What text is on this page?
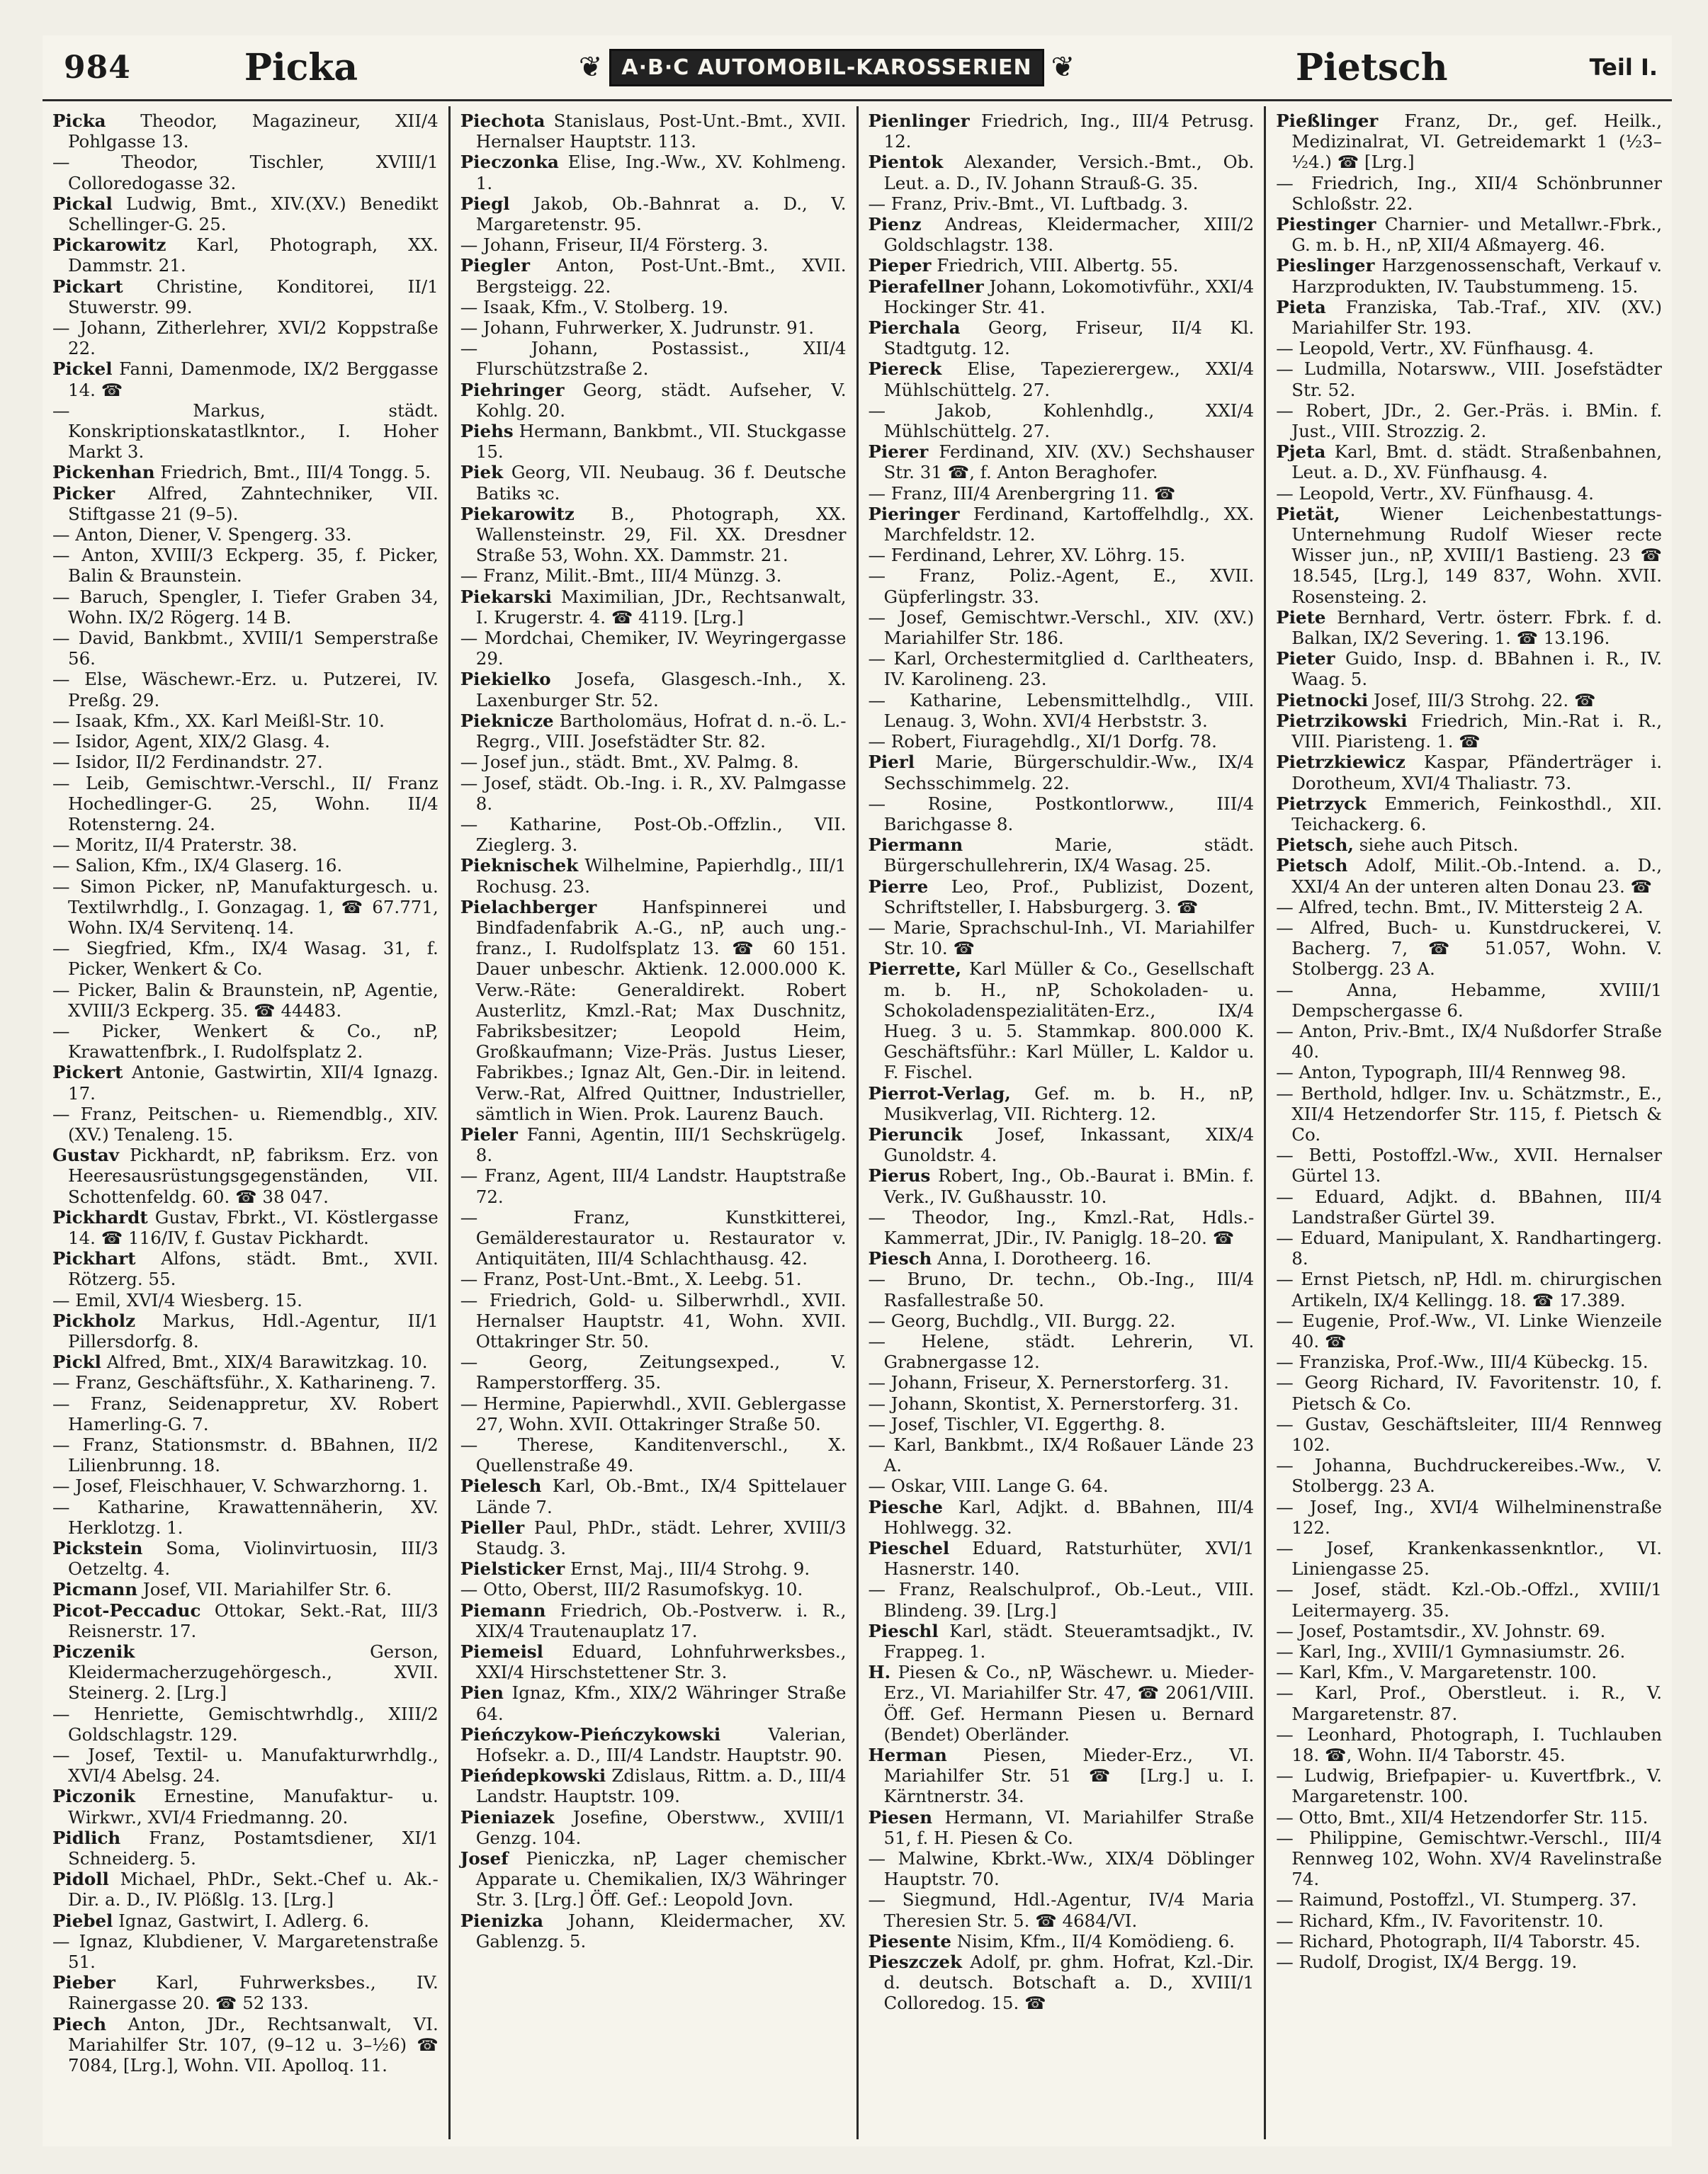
984	Picka	❦ A·B·C AUTOMOBIL-KAROSSERIEN ❦	Pietsch	Teil I.

Picka Theodor, Magazineur, XII/4 Pohlgasse 13.

— Theodor, Tischler, XVIII/1 Colloredogasse 32.

Pickal Ludwig, Bmt., XIV.(XV.) Benedikt Schellinger-G. 25.

Pickarowitz Karl, Photograph, XX. Dammstr. 21.

Pickart Christine, Konditorei, II/1 Stuwerstr. 99.

— Johann, Zitherlehrer, XVI/2 Koppstraße 22.

Pickel Fanni, Damenmode, IX/2 Berggasse 14. ☎

— Markus, städt. Konskriptionskatastlkntor., I. Hoher Markt 3.

Pickenhan Friedrich, Bmt., III/4 Tongg. 5.

Picker Alfred, Zahntechniker, VII. Stiftgasse 21 (9–5).

— Anton, Diener, V. Spengerg. 33.

— Anton, XVIII/3 Eckperg. 35, f. Picker, Balin & Braunstein.

— Baruch, Spengler, I. Tiefer Graben 34, Wohn. IX/2 Rögerg. 14 B.

— David, Bankbmt., XVIII/1 Semperstraße 56.

— Else, Wäschewr.-Erz. u. Putzerei, IV. Preßg. 29.

— Isaak, Kfm., XX. Karl Meißl-Str. 10.

— Isidor, Agent, XIX/2 Glasg. 4.

— Isidor, II/2 Ferdinandstr. 27.

— Leib, Gemischtwr.-Verschl., II/ Franz Hochedlinger-G. 25, Wohn. II/4 Rotensterng. 24.

— Moritz, II/4 Praterstr. 38.

— Salion, Kfm., IX/4 Glaserg. 16.

— Simon Picker, nP, Manufakturgesch. u. Textilwrhdlg., I. Gonzagag. 1, ☎ 67.771, Wohn. IX/4 Servitenq. 14.

— Siegfried, Kfm., IX/4 Wasag. 31, f. Picker, Wenkert & Co.

— Picker, Balin & Braunstein, nP, Agentie, XVIII/3 Eckperg. 35. ☎ 44483.

— Picker, Wenkert & Co., nP, Krawattenfbrk., I. Rudolfsplatz 2.

Pickert Antonie, Gastwirtin, XII/4 Ignazg. 17.

— Franz, Peitschen- u. Riemendblg., XIV. (XV.) Tenaleng. 15.

Gustav Pickhardt, nP, fabriksm. Erz. von Heeresausrüstungsgegenständen, VII. Schottenfeldg. 60. ☎ 38 047.

Pickhardt Gustav, Fbrkt., VI. Köstlergasse 14. ☎ 116/IV, f. Gustav Pickhardt.

Pickhart Alfons, städt. Bmt., XVII. Rötzerg. 55.

— Emil, XVI/4 Wiesberg. 15.

Pickholz Markus, Hdl.-Agentur, II/1 Pillersdorfg. 8.

Pickl Alfred, Bmt., XIX/4 Barawitzkag. 10.

— Franz, Geschäftsführ., X. Katharineng. 7.

— Franz, Seidenappretur, XV. Robert Hamerling-G. 7.

— Franz, Stationsmstr. d. BBahnen, II/2 Lilienbrunng. 18.

— Josef, Fleischhauer, V. Schwarzhorng. 1.

— Katharine, Krawattennäherin, XV. Herklotzg. 1.

Pickstein Soma, Violinvirtuosin, III/3 Oetzeltg. 4.

Picmann Josef, VII. Mariahilfer Str. 6.

Picot-Peccaduc Ottokar, Sekt.-Rat, III/3 Reisnerstr. 17.

Piczenik Gerson, Kleidermacherzugehörgesch., XVII. Steinerg. 2. [Lrg.]

— Henriette, Gemischtwrhdlg., XIII/2 Goldschlagstr. 129.

— Josef, Textil- u. Manufakturwrhdlg., XVI/4 Abelsg. 24.

Piczonik Ernestine, Manufaktur- u. Wirkwr., XVI/4 Friedmanng. 20.

Pidlich Franz, Postamtsdiener, XI/1 Schneiderg. 5.

Pidoll Michael, PhDr., Sekt.-Chef u. Ak.-Dir. a. D., IV. Plößlg. 13. [Lrg.]

Piebel Ignaz, Gastwirt, I. Adlerg. 6.

— Ignaz, Klubdiener, V. Margaretenstraße 51.

Pieber Karl, Fuhrwerksbes., IV. Rainergasse 20. ☎ 52 133.

Piech Anton, JDr., Rechtsanwalt, VI. Mariahilfer Str. 107, (9–12 u. 3–½6) ☎ 7084, [Lrg.], Wohn. VII. Apolloq. 11.

Piechota Stanislaus, Post-Unt.-Bmt., XVII. Hernalser Hauptstr. 113.

Pieczonka Elise, Ing.-Ww., XV. Kohlmeng. 1.

Piegl Jakob, Ob.-Bahnrat a. D., V. Margaretenstr. 95.

— Johann, Friseur, II/4 Försterg. 3.

Piegler Anton, Post-Unt.-Bmt., XVII. Bergsteigg. 22.

— Isaak, Kfm., V. Stolberg. 19.

— Johann, Fuhrwerker, X. Judrunstr. 91.

— Johann, Postassist., XII/4 Flurschützstraße 2.

Piehringer Georg, städt. Aufseher, V. Kohlg. 20.

Piehs Hermann, Bankbmt., VII. Stuckgasse 15.

Piek Georg, VII. Neubaug. 36 f. Deutsche Batiks ꝛc.

Piekarowitz B., Photograph, XX. Wallensteinstr. 29, Fil. XX. Dresdner Straße 53, Wohn. XX. Dammstr. 21.

— Franz, Milit.-Bmt., III/4 Münzg. 3.

Piekarski Maximilian, JDr., Rechtsanwalt, I. Krugerstr. 4. ☎ 4119. [Lrg.]

— Mordchai, Chemiker, IV. Weyringergasse 29.

Piekielko Josefa, Glasgesch.-Inh., X. Laxenburger Str. 52.

Pieknicze Bartholomäus, Hofrat d. n.-ö. L.-Regrg., VIII. Josefstädter Str. 82.

— Josef jun., städt. Bmt., XV. Palmg. 8.

— Josef, städt. Ob.-Ing. i. R., XV. Palmgasse 8.

— Katharine, Post-Ob.-Offzlin., VII. Zieglerg. 3.

Pieknischek Wilhelmine, Papierhdlg., III/1 Rochusg. 23.

Pielachberger Hanfspinnerei und Bindfadenfabrik A.-G., nP, auch ung.-franz., I. Rudolfsplatz 13. ☎ 60 151. Dauer unbeschr. Aktienk. 12.000.000 K. Verw.-Räte: Generaldirekt. Robert Austerlitz, Kmzl.-Rat; Max Duschnitz, Fabriksbesitzer; Leopold Heim, Großkaufmann; Vize-Präs. Justus Lieser, Fabrikbes.; Ignaz Alt, Gen.-Dir. in leitend. Verw.-Rat, Alfred Quittner, Industrieller, sämtlich in Wien. Prok. Laurenz Bauch.

Pieler Fanni, Agentin, III/1 Sechskrügelg. 8.

— Franz, Agent, III/4 Landstr. Hauptstraße 72.

— Franz, Kunstkitterei, Gemälderestaurator u. Restaurator v. Antiquitäten, III/4 Schlachthausg. 42.

— Franz, Post-Unt.-Bmt., X. Leebg. 51.

— Friedrich, Gold- u. Silberwrhdl., XVII. Hernalser Hauptstr. 41, Wohn. XVII. Ottakringer Str. 50.

— Georg, Zeitungsexped., V. Ramperstorfferg. 35.

— Hermine, Papierwhdl., XVII. Geblergasse 27, Wohn. XVII. Ottakringer Straße 50.

— Therese, Kanditenverschl., X. Quellenstraße 49.

Pielesch Karl, Ob.-Bmt., IX/4 Spittelauer Lände 7.

Pieller Paul, PhDr., städt. Lehrer, XVIII/3 Staudg. 3.

Pielsticker Ernst, Maj., III/4 Strohg. 9.

— Otto, Oberst, III/2 Rasumofskyg. 10.

Piemann Friedrich, Ob.-Postverw. i. R., XIX/4 Trautenauplatz 17.

Piemeisl Eduard, Lohnfuhrwerksbes., XXI/4 Hirschstettener Str. 3.

Pien Ignaz, Kfm., XIX/2 Währinger Straße 64.

Pieńczykow-Pieńczykowski Valerian, Hofsekr. a. D., III/4 Landstr. Hauptstr. 90.

Pieńdepkowski Zdislaus, Rittm. a. D., III/4 Landstr. Hauptstr. 109.

Pieniazek Josefine, Oberstww., XVIII/1 Genzg. 104.

Josef Pieniczka, nP, Lager chemischer Apparate u. Chemikalien, IX/3 Währinger Str. 3. [Lrg.] Öff. Gef.: Leopold Jovn.

Pienizka Johann, Kleidermacher, XV. Gablenzg. 5.

Pienlinger Friedrich, Ing., III/4 Petrusg. 12.

Pientok Alexander, Versich.-Bmt., Ob. Leut. a. D., IV. Johann Strauß-G. 35.

— Franz, Priv.-Bmt., VI. Luftbadg. 3.

Pienz Andreas, Kleidermacher, XIII/2 Goldschlagstr. 138.

Pieper Friedrich, VIII. Albertg. 55.

Pierafellner Johann, Lokomotivführ., XXI/4 Hockinger Str. 41.

Pierchala Georg, Friseur, II/4 Kl. Stadtgutg. 12.

Piereck Elise, Tapezierergew., XXI/4 Mühlschüttelg. 27.

— Jakob, Kohlenhdlg., XXI/4 Mühlschüttelg. 27.

Pierer Ferdinand, XIV. (XV.) Sechshauser Str. 31 ☎, f. Anton Beraghofer.

— Franz, III/4 Arenbergring 11. ☎

Pieringer Ferdinand, Kartoffelhdlg., XX. Marchfeldstr. 12.

— Ferdinand, Lehrer, XV. Löhrg. 15.

— Franz, Poliz.-Agent, E., XVII. Güpferlingstr. 33.

— Josef, Gemischtwr.-Verschl., XIV. (XV.) Mariahilfer Str. 186.

— Karl, Orchestermitglied d. Carltheaters, IV. Karolineng. 23.

— Katharine, Lebensmittelhdlg., VIII. Lenaug. 3, Wohn. XVI/4 Herbststr. 3.

— Robert, Fiuragehdlg., XI/1 Dorfg. 78.

Pierl Marie, Bürgerschuldir.-Ww., IX/4 Sechsschimmelg. 22.

— Rosine, Postkontlorww., III/4 Barichgasse 8.

Piermann Marie, städt. Bürgerschullehrerin, IX/4 Wasag. 25.

Pierre Leo, Prof., Publizist, Dozent, Schriftsteller, I. Habsburgerg. 3. ☎

— Marie, Sprachschul-Inh., VI. Mariahilfer Str. 10. ☎

Pierrette, Karl Müller & Co., Gesellschaft m. b. H., nP, Schokoladen- u. Schokoladenspezialitäten-Erz., IX/4 Hueg. 3 u. 5. Stammkap. 800.000 K. Geschäftsführ.: Karl Müller, L. Kaldor u. F. Fischel.

Pierrot-Verlag, Gef. m. b. H., nP, Musikverlag, VII. Richterg. 12.

Pieruncik Josef, Inkassant, XIX/4 Gunoldstr. 4.

Pierus Robert, Ing., Ob.-Baurat i. BMin. f. Verk., IV. Gußhausstr. 10.

— Theodor, Ing., Kmzl.-Rat, Hdls.-Kammerrat, JDir., IV. Paniglg. 18–20. ☎

Piesch Anna, I. Dorotheerg. 16.

— Bruno, Dr. techn., Ob.-Ing., III/4 Rasfallestraße 50.

— Georg, Buchdlg., VII. Burgg. 22.

— Helene, städt. Lehrerin, VI. Grabnergasse 12.

— Johann, Friseur, X. Pernerstorferg. 31.

— Johann, Skontist, X. Pernerstorferg. 31.

— Josef, Tischler, VI. Eggerthg. 8.

— Karl, Bankbmt., IX/4 Roßauer Lände 23 A.

— Oskar, VIII. Lange G. 64.

Piesche Karl, Adjkt. d. BBahnen, III/4 Hohlwegg. 32.

Pieschel Eduard, Ratsturhüter, XVI/1 Hasnerstr. 140.

— Franz, Realschulprof., Ob.-Leut., VIII. Blindeng. 39. [Lrg.]

Pieschl Karl, städt. Steueramtsadjkt., IV. Frappeg. 1.

H. Piesen & Co., nP, Wäschewr. u. Mieder-Erz., VI. Mariahilfer Str. 47, ☎ 2061/VIII. Öff. Gef. Hermann Piesen u. Bernard (Bendet) Oberländer.

Herman Piesen, Mieder-Erz., VI. Mariahilfer Str. 51 ☎ [Lrg.] u. I. Kärntnerstr. 34.

Piesen Hermann, VI. Mariahilfer Straße 51, f. H. Piesen & Co.

— Malwine, Kbrkt.-Ww., XIX/4 Döblinger Hauptstr. 70.

— Siegmund, Hdl.-Agentur, IV/4 Maria Theresien Str. 5. ☎ 4684/VI.

Piesente Nisim, Kfm., II/4 Komödieng. 6.

Pieszczek Adolf, pr. ghm. Hofrat, Kzl.-Dir. d. deutsch. Botschaft a. D., XVIII/1 Colloredog. 15. ☎

Pießlinger Franz, Dr., gef. Heilk., Medizinalrat, VI. Getreidemarkt 1 (½3–½4.) ☎ [Lrg.]

— Friedrich, Ing., XII/4 Schönbrunner Schloßstr. 22.

Piestinger Charnier- und Metallwr.-Fbrk., G. m. b. H., nP, XII/4 Aßmayerg. 46.

Pieslinger Harzgenossenschaft, Verkauf v. Harzprodukten, IV. Taubstummeng. 15.

Pieta Franziska, Tab.-Traf., XIV. (XV.) Mariahilfer Str. 193.

— Leopold, Vertr., XV. Fünfhausg. 4.

— Ludmilla, Notarsww., VIII. Josefstädter Str. 52.

— Robert, JDr., 2. Ger.-Präs. i. BMin. f. Just., VIII. Strozzig. 2.

Pjeta Karl, Bmt. d. städt. Straßenbahnen, Leut. a. D., XV. Fünfhausg. 4.

— Leopold, Vertr., XV. Fünfhausg. 4.

Pietät, Wiener Leichenbestattungs-Unternehmung Rudolf Wieser recte Wisser jun., nP, XVIII/1 Bastieng. 23 ☎ 18.545, [Lrg.], 149 837, Wohn. XVII. Rosensteing. 2.

Piete Bernhard, Vertr. österr. Fbrk. f. d. Balkan, IX/2 Severing. 1. ☎ 13.196.

Pieter Guido, Insp. d. BBahnen i. R., IV. Waag. 5.

Pietnocki Josef, III/3 Strohg. 22. ☎

Pietrzikowski Friedrich, Min.-Rat i. R., VIII. Piaristeng. 1. ☎

Pietrzkiewicz Kaspar, Pfänderträger i. Dorotheum, XVI/4 Thaliastr. 73.

Pietrzyck Emmerich, Feinkosthdl., XII. Teichackerg. 6.

Pietsch, siehe auch Pitsch.

Pietsch Adolf, Milit.-Ob.-Intend. a. D., XXI/4 An der unteren alten Donau 23. ☎

— Alfred, techn. Bmt., IV. Mittersteig 2 A.

— Alfred, Buch- u. Kunstdruckerei, V. Bacherg. 7, ☎ 51.057, Wohn. V. Stolbergg. 23 A.

— Anna, Hebamme, XVIII/1 Dempschergasse 6.

— Anton, Priv.-Bmt., IX/4 Nußdorfer Straße 40.

— Anton, Typograph, III/4 Rennweg 98.

— Berthold, hdlger. Inv. u. Schätzmstr., E., XII/4 Hetzendorfer Str. 115, f. Pietsch & Co.

— Betti, Postoffzl.-Ww., XVII. Hernalser Gürtel 13.

— Eduard, Adjkt. d. BBahnen, III/4 Landstraßer Gürtel 39.

— Eduard, Manipulant, X. Randhartingerg. 8.

— Ernst Pietsch, nP, Hdl. m. chirurgischen Artikeln, IX/4 Kellingg. 18. ☎ 17.389.

— Eugenie, Prof.-Ww., VI. Linke Wienzeile 40. ☎

— Franziska, Prof.-Ww., III/4 Kübeckg. 15.

— Georg Richard, IV. Favoritenstr. 10, f. Pietsch & Co.

— Gustav, Geschäftsleiter, III/4 Rennweg 102.

— Johanna, Buchdruckereibes.-Ww., V. Stolbergg. 23 A.

— Josef, Ing., XVI/4 Wilhelminenstraße 122.

— Josef, Krankenkassenkntlor., VI. Liniengasse 25.

— Josef, städt. Kzl.-Ob.-Offzl., XVIII/1 Leitermayerg. 35.

— Josef, Postamtsdir., XV. Johnstr. 69.

— Karl, Ing., XVIII/1 Gymnasiumstr. 26.

— Karl, Kfm., V. Margaretenstr. 100.

— Karl, Prof., Oberstleut. i. R., V. Margaretenstr. 87.

— Leonhard, Photograph, I. Tuchlauben 18. ☎, Wohn. II/4 Taborstr. 45.

— Ludwig, Briefpapier- u. Kuvertfbrk., V. Margaretenstr. 100.

— Otto, Bmt., XII/4 Hetzendorfer Str. 115.

— Philippine, Gemischtwr.-Verschl., III/4 Rennweg 102, Wohn. XV/4 Ravelinstraße 74.

— Raimund, Postoffzl., VI. Stumperg. 37.

— Richard, Kfm., IV. Favoritenstr. 10.

— Richard, Photograph, II/4 Taborstr. 45.

— Rudolf, Drogist, IX/4 Bergg. 19.
